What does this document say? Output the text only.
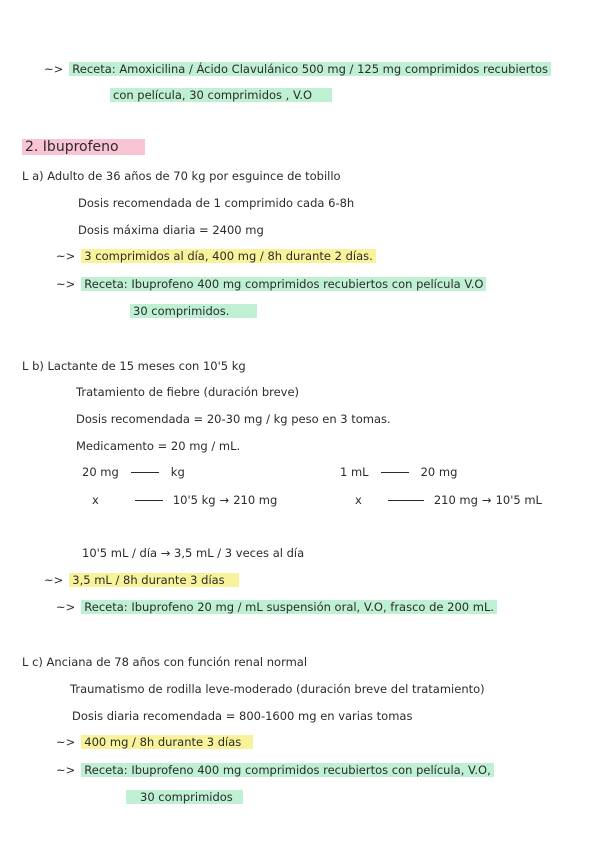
~> Receta: Amoxicilina / Ácido Clavulánico 500 mg / 125 mg comprimidos recubiertos
con película, 30 comprimidos , V.O
2. Ibuprofeno
L a) Adulto de 36 años de 70 kg por esguince de tobillo
Dosis recomendada de 1 comprimido cada 6-8h
Dosis máxima diaria = 2400 mg
~> 3 comprimidos al día, 400 mg / 8h durante 2 días.
~> Receta: Ibuprofeno 400 mg comprimidos recubiertos con película V.O
30 comprimidos.
L b) Lactante de 15 meses con 10'5 kg
Tratamiento de fiebre (duración breve)
Dosis recomendada = 20-30 mg / kg peso en 3 tomas.
Medicamento = 20 mg / mL.
20 mg	kg	1 mL	20 mg
x	10'5 kg → 210 mg	x	210 mg → 10'5 mL
10'5 mL / día → 3,5 mL / 3 veces al día
~> 3,5 mL / 8h durante 3 días
~> Receta: Ibuprofeno 20 mg / mL suspensión oral, V.O, frasco de 200 mL.
L c) Anciana de 78 años con función renal normal
Traumatismo de rodilla leve-moderado (duración breve del tratamiento)
Dosis diaria recomendada = 800-1600 mg en varias tomas
~> 400 mg / 8h durante 3 días
~> Receta: Ibuprofeno 400 mg comprimidos recubiertos con película, V.O,
30 comprimidos
